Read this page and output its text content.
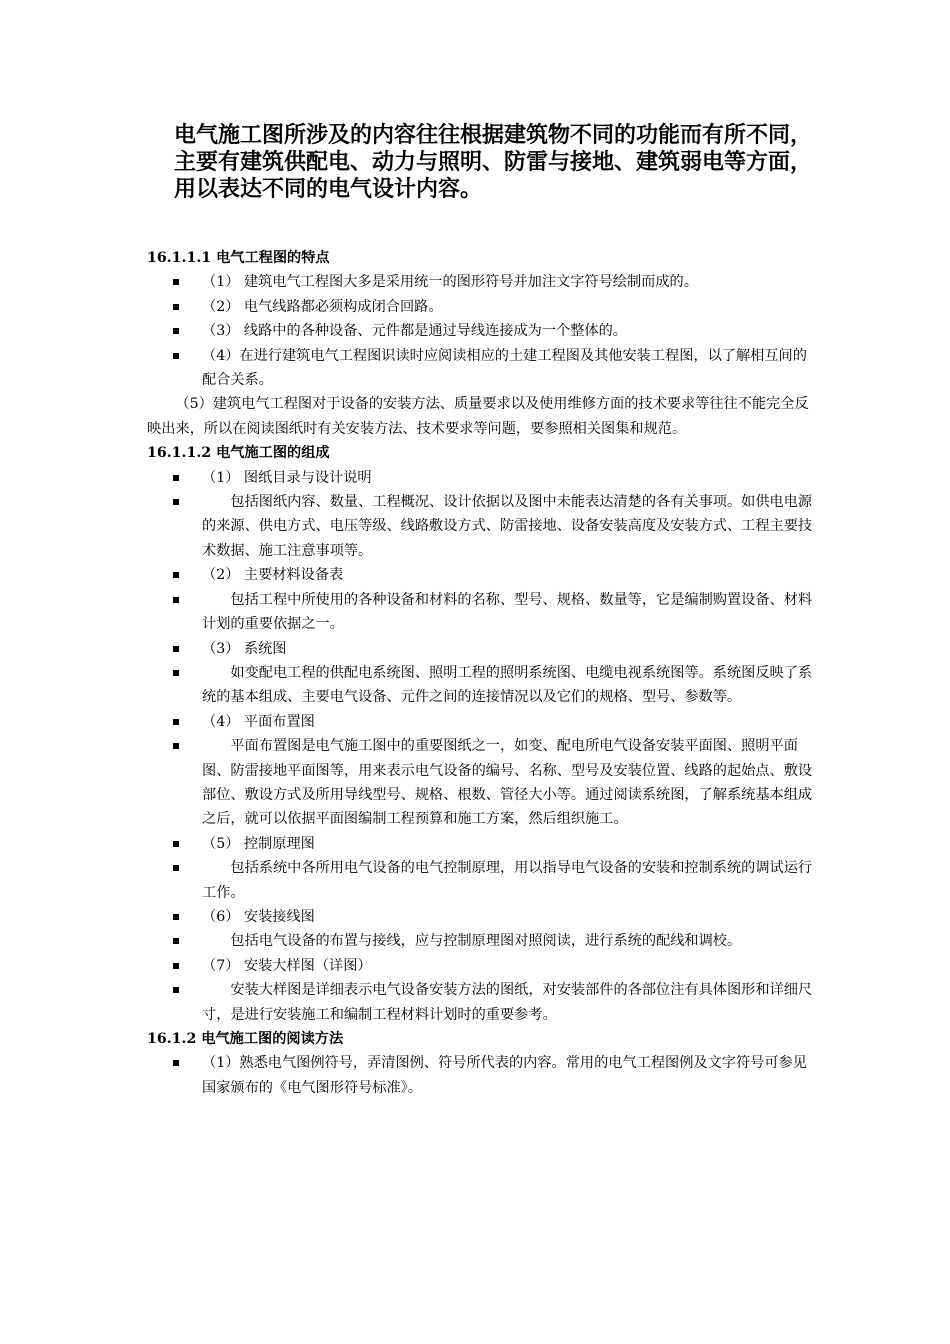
电气施工图所涉及的内容往往根据建筑物不同的功能而有所不同，主要有建筑供配电、动力与照明、防雷与接地、建筑弱电等方面，用以表达不同的电气设计内容。

16.1.1.1 电气工程图的特点
（1） 建筑电气工程图大多是采用统一的图形符号并加注文字符号绘制而成的。
（2） 电气线路都必须构成闭合回路。
（3） 线路中的各种设备、元件都是通过导线连接成为一个整体的。
（4）在进行建筑电气工程图识读时应阅读相应的土建工程图及其他安装工程图，以了解相互间的配合关系。

（5）建筑电气工程图对于设备的安装方法、质量要求以及使用维修方面的技术要求等往往不能完全反映出来，所以在阅读图纸时有关安装方法、技术要求等问题，要参照相关图集和规范。

16.1.1.2 电气施工图的组成
（1） 图纸目录与设计说明
包括图纸内容、数量、工程概况、设计依据以及图中未能表达清楚的各有关事项。如供电电源的来源、供电方式、电压等级、线路敷设方式、防雷接地、设备安装高度及安装方式、工程主要技术数据、施工注意事项等。
（2） 主要材料设备表
包括工程中所使用的各种设备和材料的名称、型号、规格、数量等，它是编制购置设备、材料计划的重要依据之一。
（3） 系统图
如变配电工程的供配电系统图、照明工程的照明系统图、电缆电视系统图等。系统图反映了系统的基本组成、主要电气设备、元件之间的连接情况以及它们的规格、型号、参数等。
（4） 平面布置图
平面布置图是电气施工图中的重要图纸之一，如变、配电所电气设备安装平面图、照明平面图、防雷接地平面图等，用来表示电气设备的编号、名称、型号及安装位置、线路的起始点、敷设部位、敷设方式及所用导线型号、规格、根数、管径大小等。通过阅读系统图，了解系统基本组成之后，就可以依据平面图编制工程预算和施工方案，然后组织施工。
（5） 控制原理图
包括系统中各所用电气设备的电气控制原理，用以指导电气设备的安装和控制系统的调试运行工作。
（6） 安装接线图
包括电气设备的布置与接线，应与控制原理图对照阅读，进行系统的配线和调校。
（7） 安装大样图（详图）
安装大样图是详细表示电气设备安装方法的图纸，对安装部件的各部位注有具体图形和详细尺寸，是进行安装施工和编制工程材料计划时的重要参考。
16.1.2 电气施工图的阅读方法
（1）熟悉电气图例符号，弄清图例、符号所代表的内容。常用的电气工程图例及文字符号可参见国家颁布的《电气图形符号标准》。
